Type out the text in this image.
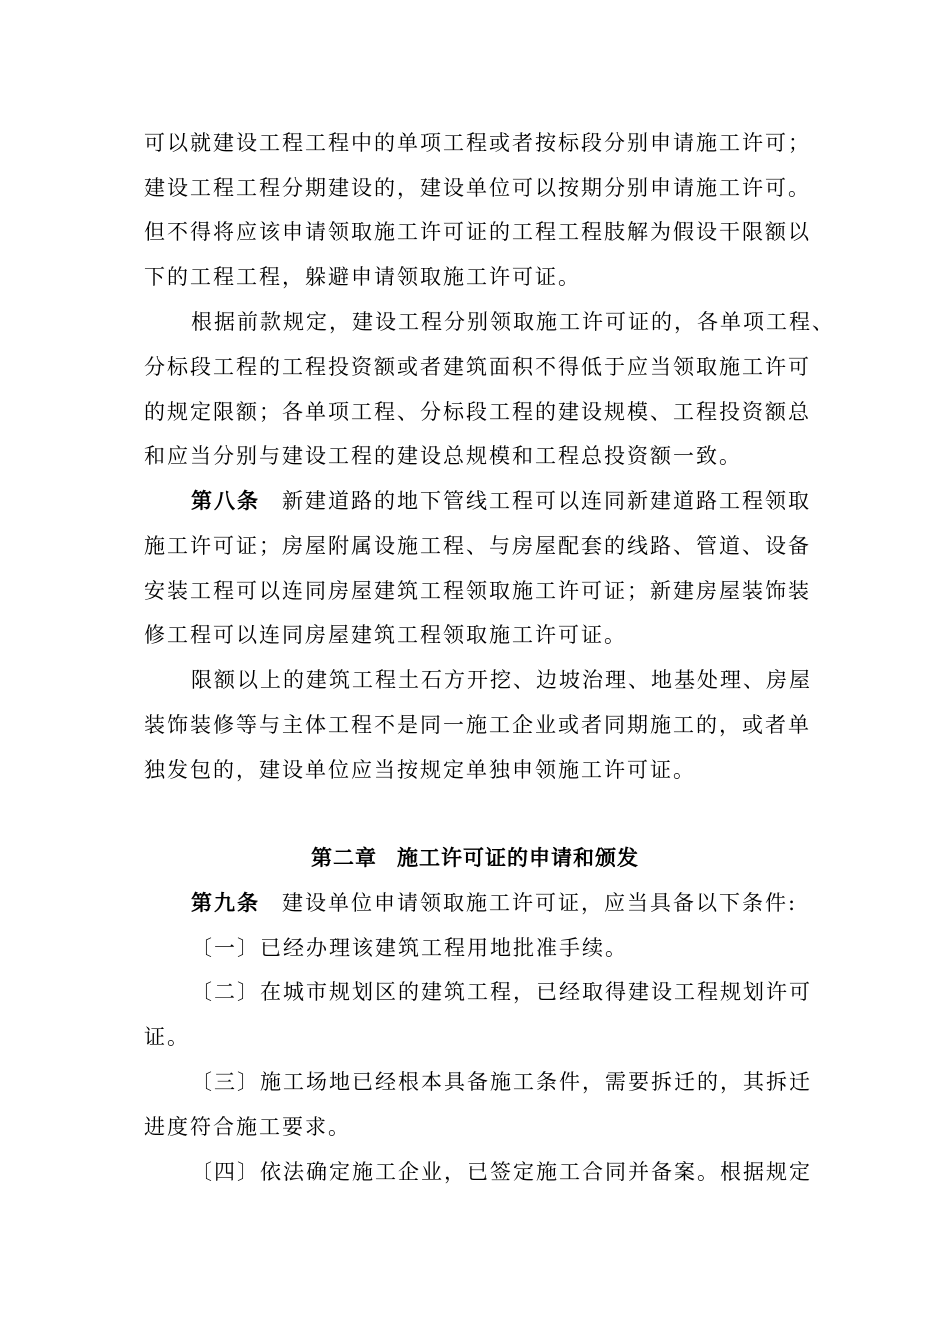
可以就建设工程工程中的单项工程或者按标段分别申请施工许可；

建设工程工程分期建设的，建设单位可以按期分别申请施工许可。

但不得将应该申请领取施工许可证的工程工程肢解为假设干限额以

下的工程工程，躲避申请领取施工许可证。

根据前款规定，建设工程分别领取施工许可证的，各单项工程、

分标段工程的工程投资额或者建筑面积不得低于应当领取施工许可

的规定限额；各单项工程、分标段工程的建设规模、工程投资额总

和应当分别与建设工程的建设总规模和工程总投资额一致。

第八条 新建道路的地下管线工程可以连同新建道路工程领取

施工许可证；房屋附属设施工程、与房屋配套的线路、管道、设备

安装工程可以连同房屋建筑工程领取施工许可证；新建房屋装饰装

修工程可以连同房屋建筑工程领取施工许可证。

限额以上的建筑工程土石方开挖、边坡治理、地基处理、房屋

装饰装修等与主体工程不是同一施工企业或者同期施工的，或者单

独发包的，建设单位应当按规定单独申领施工许可证。

第二章 施工许可证的申请和颁发

第九条 建设单位申请领取施工许可证，应当具备以下条件:

〔一〕已经办理该建筑工程用地批准手续。

〔二〕在城市规划区的建筑工程，已经取得建设工程规划许可

证。

〔三〕施工场地已经根本具备施工条件，需要拆迁的，其拆迁

进度符合施工要求。

〔四〕依法确定施工企业，已签定施工合同并备案。根据规定
